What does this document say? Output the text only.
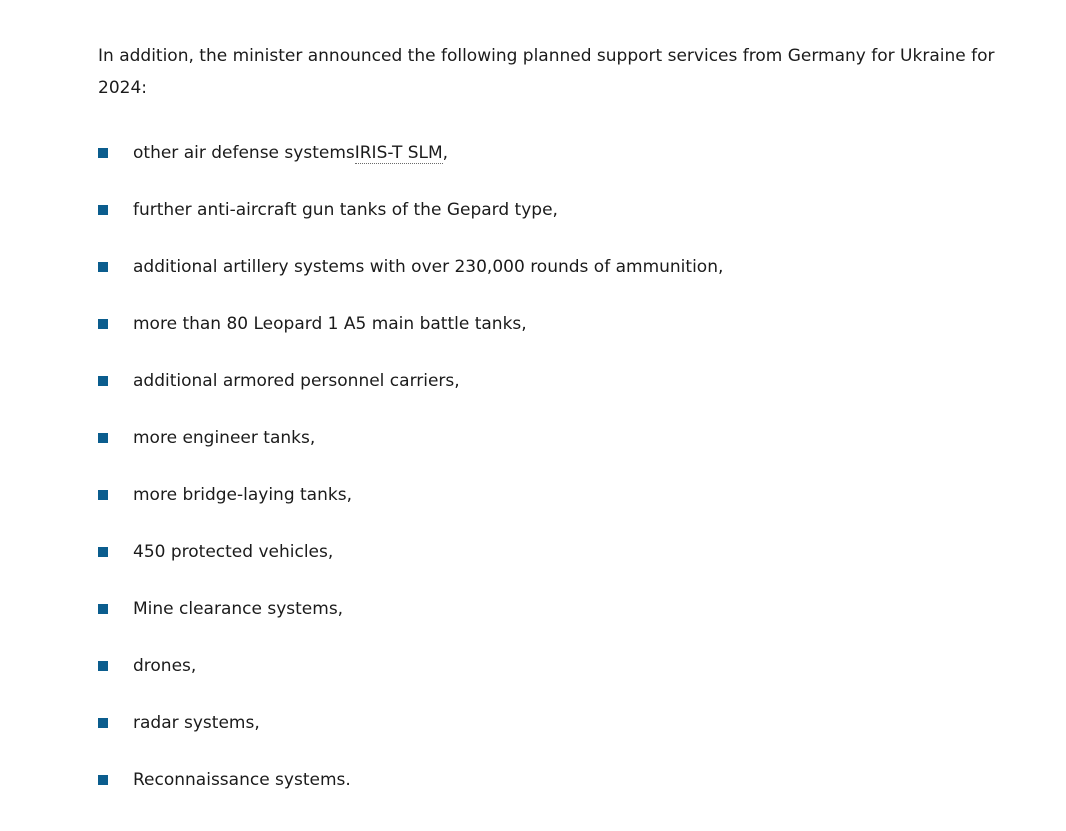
In addition, the minister announced the following planned support services from Germany for Ukraine for 2024:

other air defense systemsIRIS-T SLM,
further anti-aircraft gun tanks of the Gepard type,
additional artillery systems with over 230,000 rounds of ammunition,
more than 80 Leopard 1 A5 main battle tanks,
additional armored personnel carriers,
more engineer tanks,
more bridge-laying tanks,
450 protected vehicles,
Mine clearance systems,
drones,
radar systems,
Reconnaissance systems.
